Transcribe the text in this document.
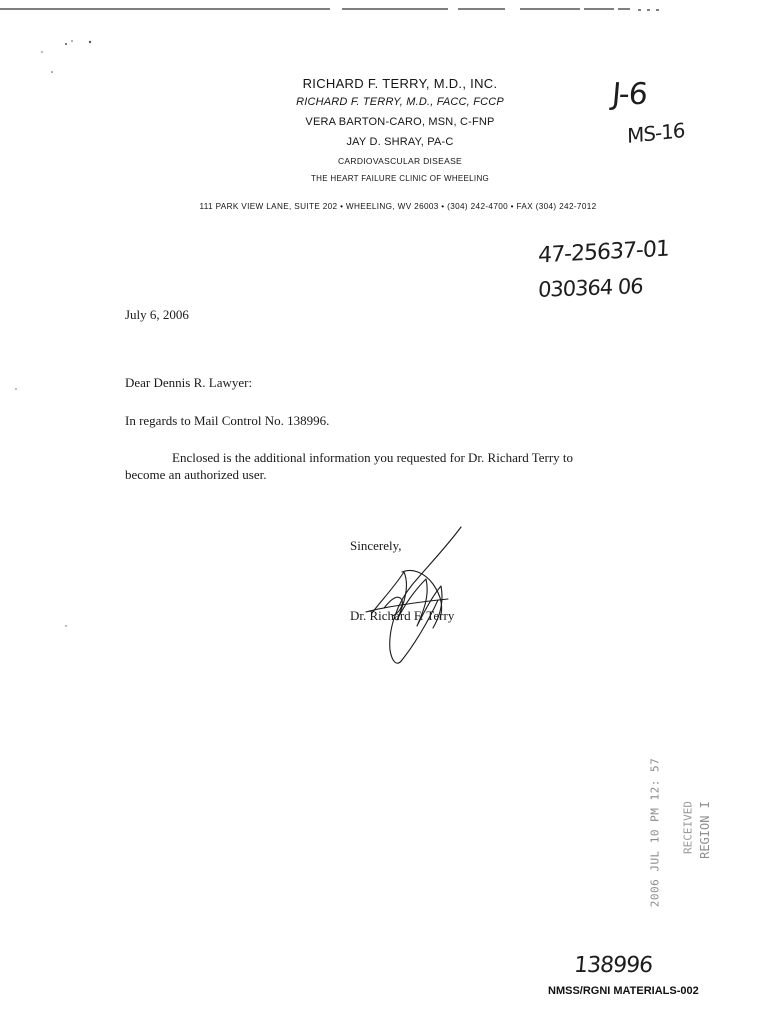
RICHARD F. TERRY, M.D., INC.
RICHARD F. TERRY, M.D., FACC, FCCP
VERA BARTON-CARO, MSN, C-FNP
JAY D. SHRAY, PA-C
CARDIOVASCULAR DISEASE
THE HEART FAILURE CLINIC OF WHEELING
111 PARK VIEW LANE, SUITE 202 • WHEELING, WV 26003 • (304) 242-4700 • FAX (304) 242-7012
J-6
MS-16
47-25637-01
030364 06
138996
July 6, 2006
Dear Dennis R. Lawyer:
In regards to Mail Control No. 138996.
Enclosed is the additional information you requested for Dr. Richard Terry to
become an authorized user.
Sincerely,
Dr. Richard F. Terry
2006 JUL 10 PM 12: 57 RECEIVED REGION I
NMSS/RGNI MATERIALS-002
